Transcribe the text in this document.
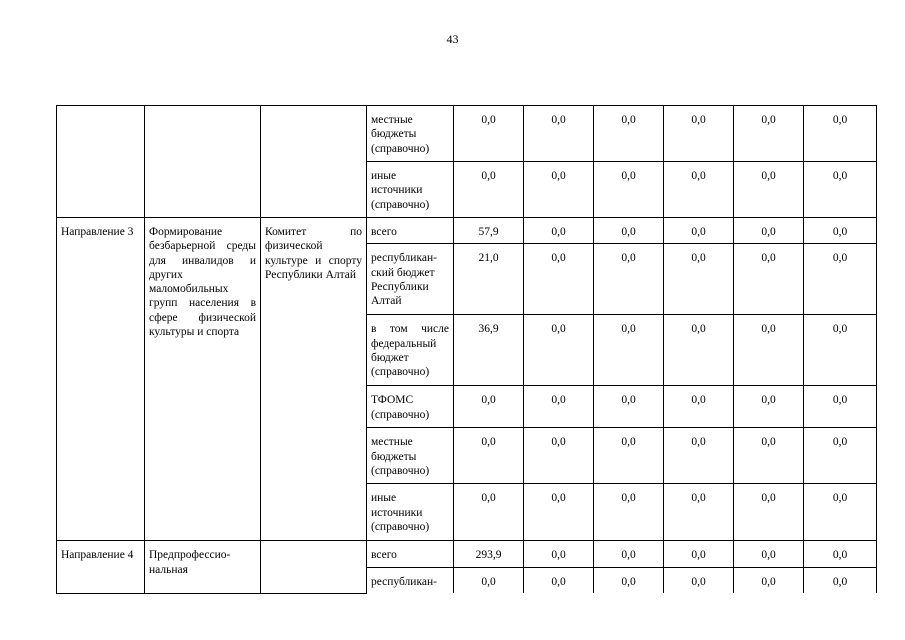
43
			местные бюджеты (справочно)	0,0	0,0	0,0	0,0	0,0	0,0
			иные источники (справочно)	0,0	0,0	0,0	0,0	0,0	0,0
Направление 3	Формирование безбарьерной среды для инвалидов и других маломобильных групп населения в сфере физической культуры и спорта	Комитет по физической культуре и спорту Республики Алтай	всего	57,9	0,0	0,0	0,0	0,0	0,0
			республикан-ский бюджет Республики Алтай	21,0	0,0	0,0	0,0	0,0	0,0
			в том числе федеральный бюджет (справочно)	36,9	0,0	0,0	0,0	0,0	0,0
			ТФОМС (справочно)	0,0	0,0	0,0	0,0	0,0	0,0
			местные бюджеты (справочно)	0,0	0,0	0,0	0,0	0,0	0,0
			иные источники (справочно)	0,0	0,0	0,0	0,0	0,0	0,0
Направление 4	Предпрофессио-нальная		всего	293,9	0,0	0,0	0,0	0,0	0,0
			республикан-	0,0	0,0	0,0	0,0	0,0	0,0
